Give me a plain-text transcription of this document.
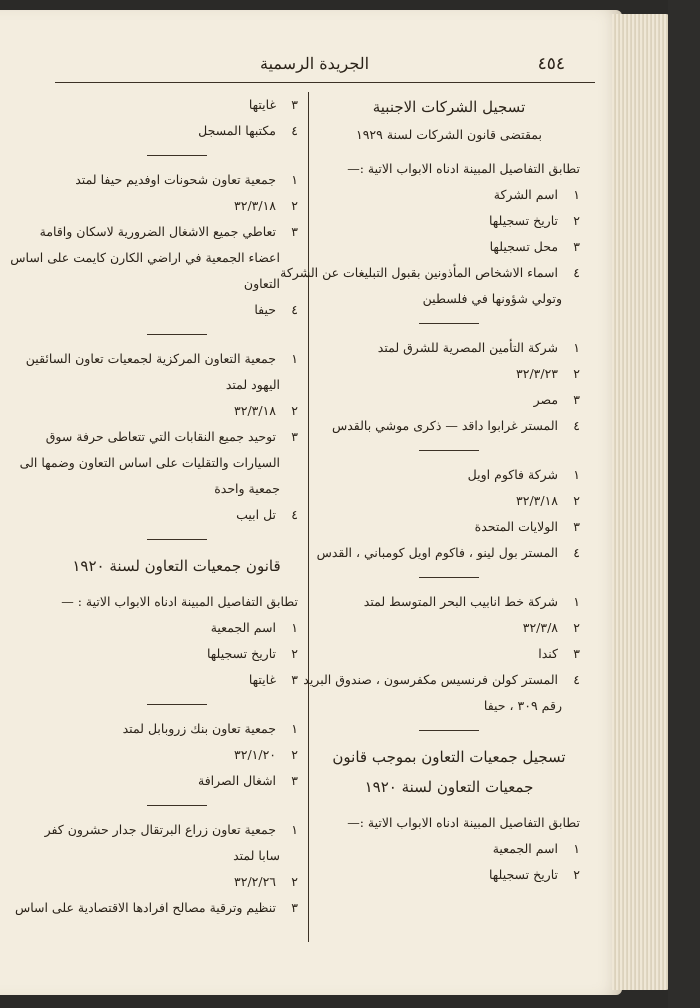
الجريدة الرسمية	٤٥٤
تسجيل الشركات الاجنبية
بمقتضى قانون الشركات لسنة ١٩٢٩
تطابق التفاصيل المبينة ادناه الابواب الاتية :—
١ اسم الشركة
٢ تاريخ تسجيلها
٣ محل تسجيلها
٤ اسماء الاشخاص المأذونين بقبول التبليغات عن الشركة
وتولي شؤونها في فلسطين
١ شركة التأمين المصرية للشرق لمتد
٢ ٣٢/٣/٢٣
٣ مصر
٤ المستر غرابوا داقد — ذكرى موشي بالقدس
١ شركة فاكوم اويل
٢ ٣٢/٣/١٨
٣ الولايات المتحدة
٤ المستر بول لينو ، فاكوم اويل كومباني ، القدس
١ شركة خط انابيب البحر المتوسط لمتد
٢ ٣٢/٣/٨
٣ كندا
٤ المستر كولن فرنسيس مكفرسون ، صندوق البريد
رقم ٣٠٩ ، حيفا
تسجيل جمعيات التعاون بموجب قانون
جمعيات التعاون لسنة ١٩٢٠
تطابق التفاصيل المبينة ادناه الابواب الاتية :—
١ اسم الجمعية
٢ تاريخ تسجيلها
٣ غايتها
٤ مكتبها المسجل
١ جمعية تعاون شحونات اوفديم حيفا لمتد
٢ ٣٢/٣/١٨
٣ تعاطي جميع الاشغال الضرورية لاسكان واقامة
اعضاء الجمعية في اراضي الكارن كايمت على اساس
التعاون
٤ حيفا
١ جمعية التعاون المركزية لجمعيات تعاون السائقين
اليهود لمتد
٢ ٣٢/٣/١٨
٣ توحيد جميع النقابات التي تتعاطى حرفة سوق
السيارات والتقليات على اساس التعاون وضمها الى
جمعية واحدة
٤ تل ابيب
قانون جمعيات التعاون لسنة ١٩٢٠
تطابق التفاصيل المبينة ادناه الابواب الاتية : —
١ اسم الجمعية
٢ تاريخ تسجيلها
٣ غايتها
١ جمعية تعاون بنك زروبابل لمتد
٢ ٣٢/١/٢٠
٣ اشغال الصرافة
١ جمعية تعاون زراع البرتقال جدار حشرون كفر
سابا لمتد
٢ ٣٢/٢/٢٦
٣ تنظيم وترقية مصالح افرادها الاقتصادية على اساس
